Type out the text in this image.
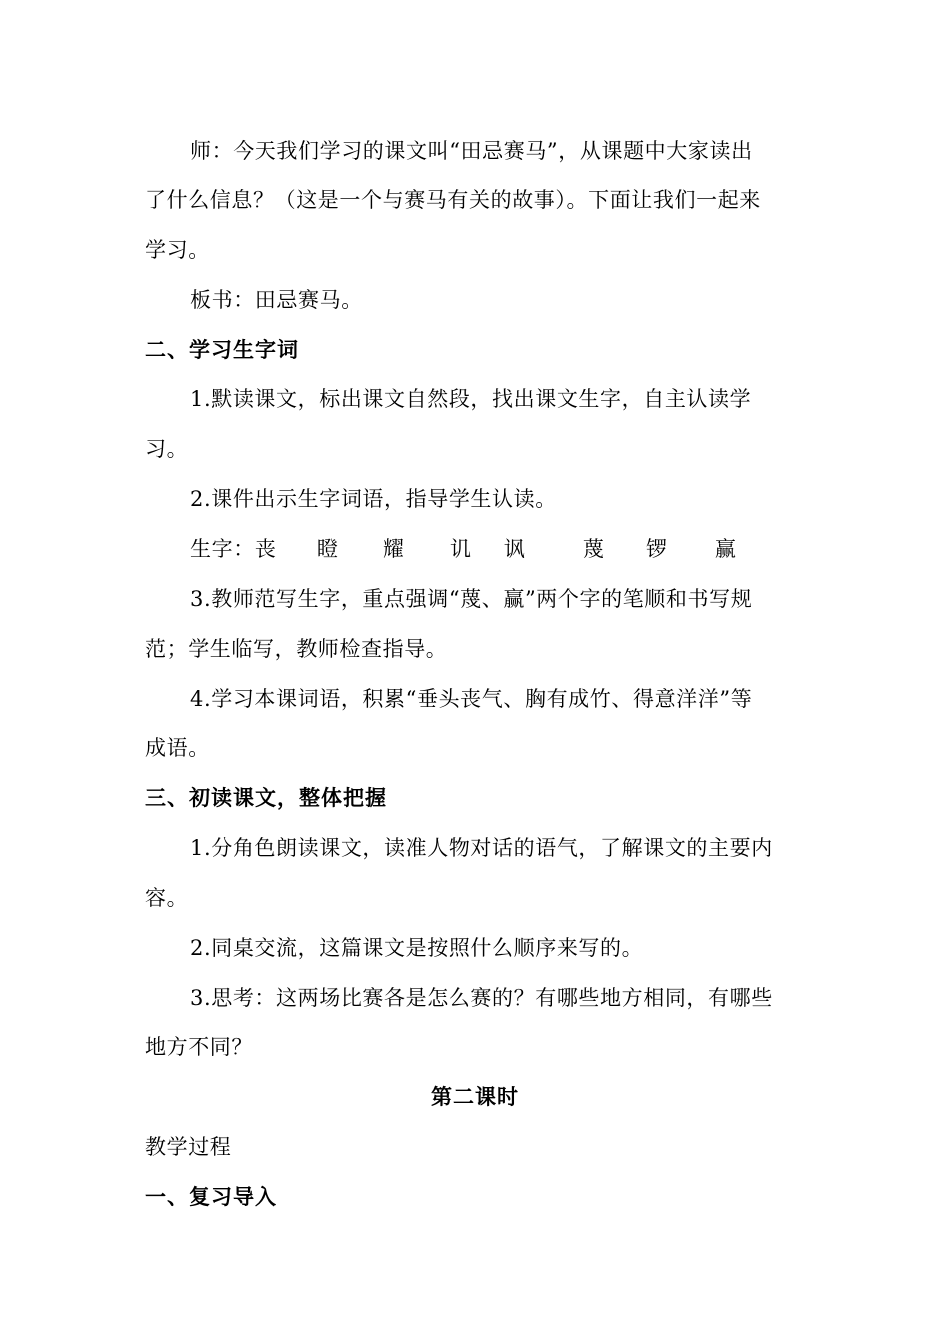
师：今天我们学习的课文叫“田忌赛马”，从课题中大家读出
了什么信息？（这是一个与赛马有关的故事）。下面让我们一起来
学习。
板书：田忌赛马。
二、学习生字词
1.默读课文，标出课文自然段，找出课文生字，自主认读学
习。
2.课件出示生字词语，指导学生认读。
生字：丧 瞪 耀 讥 讽	蔑 锣 赢
3.教师范写生字，重点强调“蔑、赢”两个字的笔顺和书写规
范；学生临写，教师检查指导。
4.学习本课词语，积累“垂头丧气、胸有成竹、得意洋洋”等
成语。
三、初读课文，整体把握
1.分角色朗读课文，读准人物对话的语气，了解课文的主要内
容。
2.同桌交流，这篇课文是按照什么顺序来写的。
3.思考：这两场比赛各是怎么赛的？有哪些地方相同，有哪些
地方不同？
第二课时
教学过程
一、复习导入
